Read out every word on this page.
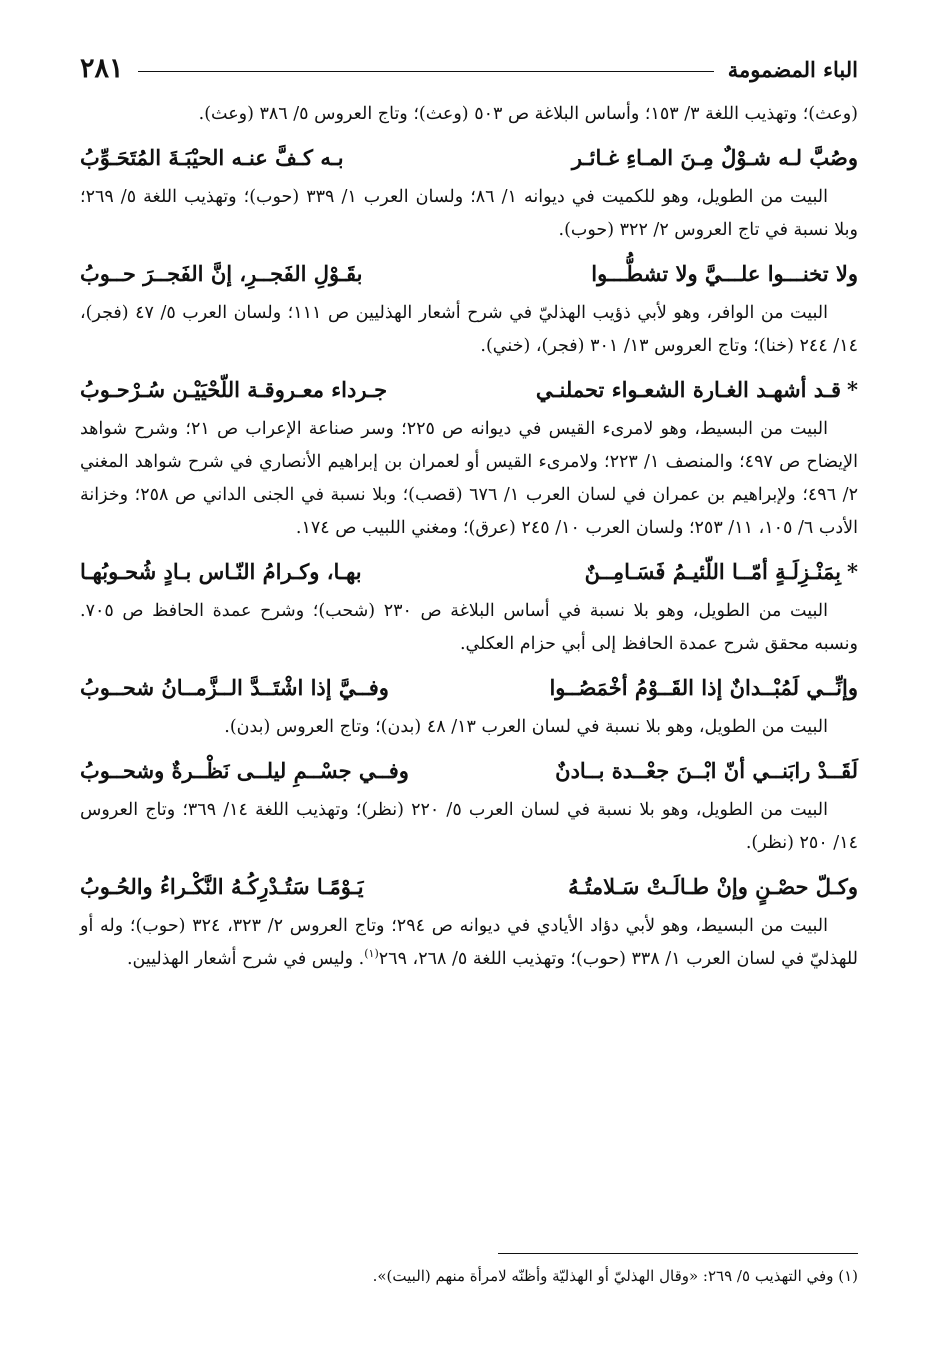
الباء المضمومة
٢٨١

(وعث)؛ وتهذيب اللغة ٣/ ١٥٣؛ وأساس البلاغة ص ٥٠٣ (وعث)؛ وتاج العروس ٥/ ٣٨٦ (وعث).

وصُبَّ لـه شـوْلٌ مِـنَ المـاءِ غـائـر
بـه كـفَّ عنـه الحيْبَـةَ المُتَحَـوِّبُ

البيت من الطويل، وهو للكميت في ديوانه ١/ ٨٦؛ ولسان العرب ١/ ٣٣٩ (حوب)؛ وتهذيب اللغة ٥/ ٢٦٩؛ وبلا نسبة في تاج العروس ٢/ ٣٢٢ (حوب).

ولا تخنـــوا علـــيَّ ولا تشطُّـــوا
بقَـوْلِ الفَجــرِ، إنَّ الفَجــرَ حــوبُ

البيت من الوافر، وهو لأبي ذؤيب الهذليّ في شرح أشعار الهذليين ص ١١١؛ ولسان العرب ٥/ ٤٧ (فجر)، ١٤/ ٢٤٤ (خنا)؛ وتاج العروس ١٣/ ٣٠١ (فجر)، (خني).

*قـد أشهـد الغـارة الشعـواء تحملنـي
جـرداء معـروقـة اللّحْيَيْـن سُـرْحـوبُ

البيت من البسيط، وهو لامرىء القيس في ديوانه ص ٢٢٥؛ وسر صناعة الإعراب ص ٢١؛ وشرح شواهد الإيضاح ص ٤٩٧؛ والمنصف ١/ ٢٢٣؛ ولامرىء القيس أو لعمران بن إبراهيم الأنصاري في شرح شواهد المغني ٢/ ٤٩٦؛ ولإبراهيم بن عمران في لسان العرب ١/ ٦٧٦ (قصب)؛ وبلا نسبة في الجنى الداني ص ٢٥٨؛ وخزانة الأدب ٦/ ١٠٥، ١١/ ٢٥٣؛ ولسان العرب ١٠/ ٢٤٥ (عرق)؛ ومغني اللبيب ص ١٧٤.

*بِمَنْـزِلَـةٍ أمّــا اللّئيـمُ فَسَـامِــنٌ
بهـا، وكـرامُ النّـاس بـادٍ شُحـوبُهـا

البيت من الطويل، وهو بلا نسبة في أساس البلاغة ص ٢٣٠ (شحب)؛ وشرح عمدة الحافظ ص ٧٠٥. ونسبه محقق شرح عمدة الحافظ إلى أبي حزام العكلي.

وإنِّــي لَمُبْــدانٌ إذا القَــوْمُ أخْمَصُــوا
وفــيَّ إذا اشْتَــدَّ الــزَّمــانُ شحــوبُ

البيت من الطويل، وهو بلا نسبة في لسان العرب ١٣/ ٤٨ (بدن)؛ وتاج العروس (بدن).

لَقَــدْ رابَنــي أنّ ابْــنَ جعْــدة بــادنٌ
وفــي جسْــمِ ليلــى نَظْــرةٌ وشحــوبُ

البيت من الطويل، وهو بلا نسبة في لسان العرب ٥/ ٢٢٠ (نظر)؛ وتهذيب اللغة ١٤/ ٣٦٩؛ وتاج العروس ١٤/ ٢٥٠ (نظر).

وكـلّ حصْـنٍ وإنْ طـالَـتْ سَـلامتُـهُ
يَـوْمًـا سَتُـدْرِكُـهُ النَّكْـراءُ والحُـوبُ

البيت من البسيط، وهو لأبي دؤاد الأيادي في ديوانه ص ٢٩٤؛ وتاج العروس ٢/ ٣٢٣، ٣٢٤ (حوب)؛ وله أو للهذليّ في لسان العرب ١/ ٣٣٨ (حوب)؛ وتهذيب اللغة ٥/ ٢٦٨، ٢٦٩$^{(١)}$. وليس في شرح أشعار الهذليين.

(١) وفي التهذيب ٥/ ٢٦٩: «وقال الهذليّ أو الهذليّة وأظنّه لامرأة منهم (البيت)».
